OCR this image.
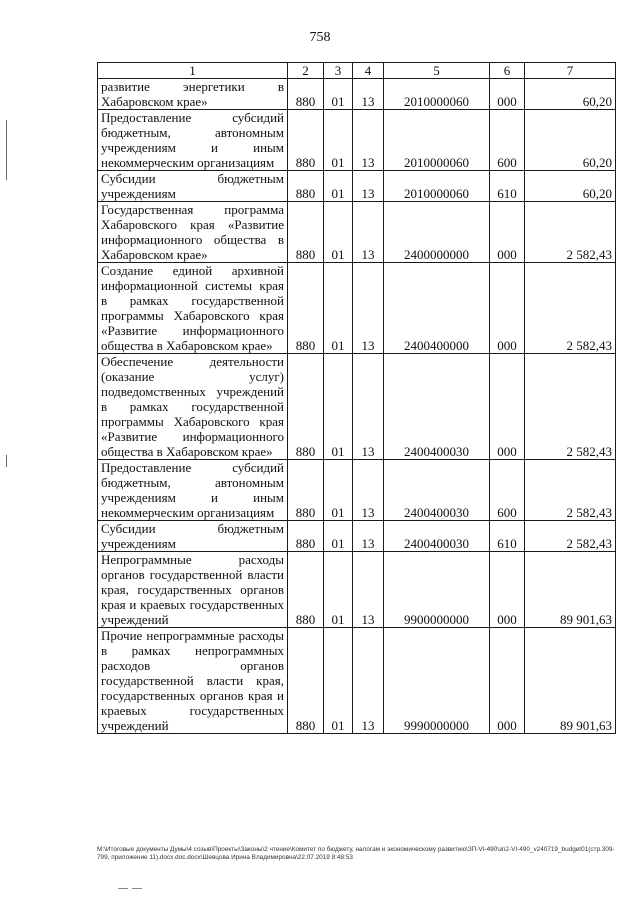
758
1	2	3	4	5	6	7
развитие энергетики в Хабаровском крае»	880	01	13	2010000060	000	60,20
Предоставление субсидий бюджетным, автономным учреждениям и иным некоммерческим организациям	880	01	13	2010000060	600	60,20
Субсидии бюджетным учреждениям	880	01	13	2010000060	610	60,20
Государственная программа Хабаровского края «Развитие информационного общества в Хабаровском крае»	880	01	13	2400000000	000	2 582,43
Создание единой архивной информационной системы края в рамках государственной программы Хабаровского края «Развитие информационного общества в Хабаровском крае»	880	01	13	2400400000	000	2 582,43
Обеспечение деятельности (оказание услуг) подведомственных учреждений в рамках государственной программы Хабаровского края «Развитие информационного общества в Хабаровском крае»	880	01	13	2400400030	000	2 582,43
Предоставление субсидий бюджетным, автономным учреждениям и иным некоммерческим организациям	880	01	13	2400400030	600	2 582,43
Субсидии бюджетным учреждениям	880	01	13	2400400030	610	2 582,43
Непрограммные расходы органов государственной власти края, государственных органов края и краевых государственных учреждений	880	01	13	9900000000	000	89 901,63
Прочие непрограммные расходы в рамках непрограммных расходов органов государственной власти края, государственных органов края и краевых государственных учреждений	880	01	13	9990000000	000	89 901,63
М:\Итоговые документы Думы\4 созыв\Проекты\Законы\2 чтение\Комитет по бюджету, налогам и экономическому развитию\ЗП-VI-490\зп2-VI-490_v240719_budget01(стр.309-799, приложение 11).docx.doc.docx\Шевцова Ирина Владимировна\22.07.2019 8:48:53
